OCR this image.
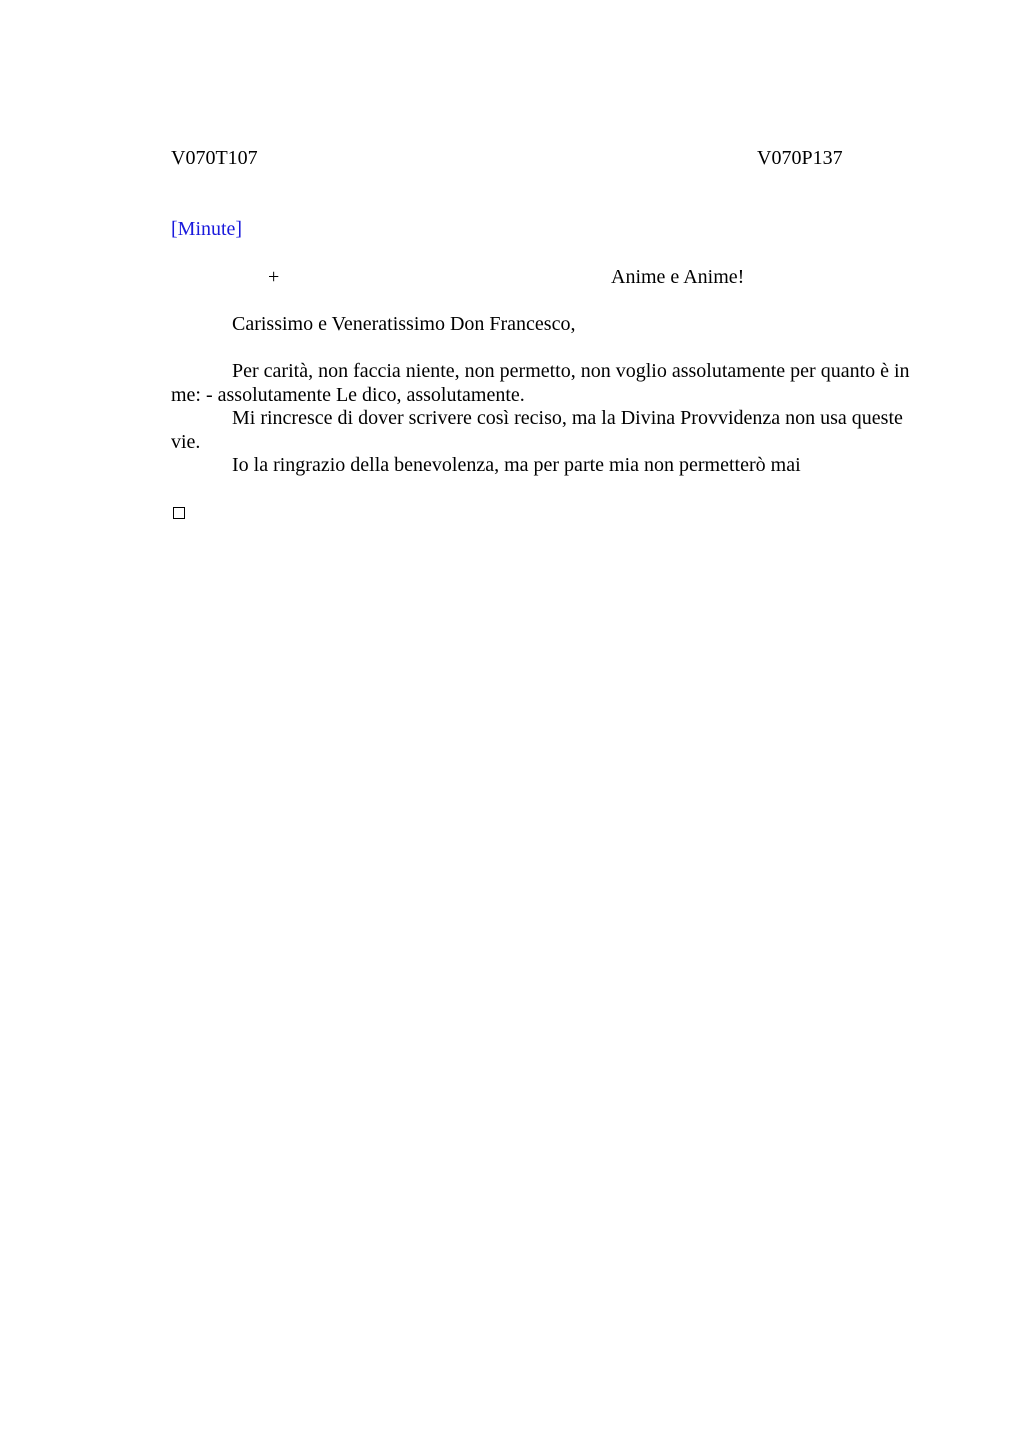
V070T107	V070P137
[Minute]
+	Anime e Anime!
Carissimo e Veneratissimo Don Francesco,

Per carità, non faccia niente, non permetto, non voglio assolutamente per quanto è in me: - assolutamente Le dico, assolutamente.

Mi rincresce di dover scrivere così reciso, ma la Divina Provvidenza non usa queste vie.

Io la ringrazio della benevolenza, ma per parte mia non permetterò mai
